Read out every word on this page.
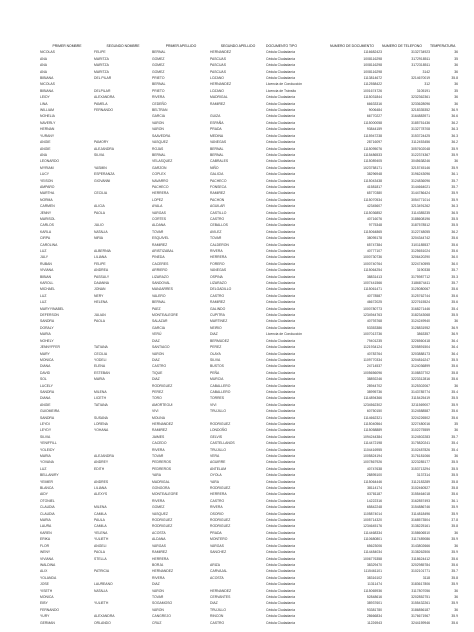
PRIMER NOMBRE	SEGUNDO NOMBRE	PRIMER APELLIDO	SEGUNDO APELLIDO	DOCUMENTO TIPO	NUMERO DE DOCUMENTO	NUMERO DE TELEFONO	TEMPERATURA
NICOLAS	FELIPE	BERNAL	HERNANDEZ	Cédula Ciudadanía	1116682423	3132734923	36
ANA	MARITZA	GOMEZ	PASCUAS	Cédula Ciudadanía	1008116298	3172918511	35
ANA	MARITZA	GOMEZ	PASCUAS	Cédula Ciudadanía	1008116298	3172318511	36
ANA	MARITZA	GOMEZ	PASCUAS	Cédula Ciudadanía	1008116298	3142	36
BIBIANA	DEL PILAR	PRIETO	LOZANO	Cédula Ciudadanía	1113814672	3214670019	35.8
NICOLAS		BERNAL	HERNANDEZ	Licencia de Conducción	1112558422	312	36
BIBIANA	DELPILAR	PRIETO	LOZANO	Licencia de Tránsito	1001674726	3105191	35
LEIDY	ALEXANDRA	RIVERA	MADRIGAL	Cédula Ciudadanía	1115031844	3232362361	36
LINA	PAMELA	CEDEÑO	RAMIREZ	Cédula Ciudadanía	66633316	3233628096	36
WILLIAM	FERNANDO	BELTRAN		Cédula Ciudadanía	9006484	3218335352	36.9
NOHELIA		GARCIA	GUIZA	Cédula Ciudadanía	66770227	3164883971	36.6
NAVERLY		VARON	ESPAÑA	Cédula Ciudadanía	1115000058	3185751436	36.2
HERNAN		VARON	PRADA	Cédula Ciudadanía	93844159	3132778708	36.3
YURANY		SAAVEDRA	MEDINA	Cédula Ciudadanía	1115947238	3153724425	36.3
ANGIE	PAMORY	VASQUEZ	VANEGAS	Cédula Ciudadanía	28716097	3112453456	36.2
ANGIE	ALEJANDRA	ROJAS	BERNAL	Cédula Ciudadanía	1115095076	3057602048	35.9
ANA	SILVIA	BERNAL	BERNAL	Cédula Ciudadanía	1115486533	3122374367	35.9
LEONARDO		VELASQUEZ	CABRALES	Cédula Ciudadanía	1115089405	3045638246	36
MYRIAM	YASMIN	GARZON	NIÑO	Cédula Ciudadanía	1023758171	3215745146	35.9
LUCY	ESPERANZA	COPLEX	GALICIA	Cédula Ciudadanía	38296948	3196243096	36.1
YEISON	GIOVANNI	NAVARRO	PACHECO	Cédula Ciudadanía	1115043438	3124836096	35.7
AMPARO		PACHECO	FONSECA	Cédula Ciudadanía	41581817	3144664021	35.7
MARTHA	CECILIA	HERRERA	RAMIREZ	Cédula Ciudadanía	65770380	3144786424	35.9
NORMA		LOPEZ	PACHON	Cédula Ciudadanía	1115070534	3054771014	35.9
CARMEN	ALICIA	AYALA	AGUILAR	Cédula Ciudadanía	42345607	3213491262	36.3
JENNY	PAOLA	VARGAS	CASTILLO	Cédula Ciudadanía	1115036852	3114385235	36.5
MARISOL		CORTES	CASTRO	Cédula Ciudadanía	40716076	3188608196	35.5
CARLOS	JULIO	ALDANA	CEBALLOS	Cédula Ciudadanía	9775348	3187578512	35.5
KARLA	NATALIA	TOVAR	AVILEZ	Cédula Ciudadanía	1115064865	3122748055	36.2
CIRPA	NIRIA	ESQUIVEL	TOVAR	Cédula Ciudadanía	38095178	3204344742	35.6
CAROLINA		RAMIREZ	CALDERON	Cédula Ciudadanía	65747384	3101185537	35.6
LUZ	ALBERNIA	ARISTIZABAL	RIVERA	Cédula Ciudadanía	40777107	3125651024	35.6
JULY	LILIANA	PINEDA	HERRERA	Cédula Ciudadanía	1000730736	3206420290	36.0
RUBAN	FELIPE	CACERES	FORERO	Cédula Ciudadanía	1000740764	3224740595	36.0
VIVIANA	ANDREA	ARRIERO	VANEGAS	Cédula Ciudadanía	1115064254	3190338	35.7
BIBIAN	PASSULY	LIZARAZO	OSPINA	Cédula Ciudadanía	38831413	3175987712	35.3
KAROLL	DAIANNA	SANDOVAL	LIZARAZO	Cédula Ciudadanía	1007441566	3186874411	35.7
MICHAEL	JONAN	MANJARRES	DELGADILLO	Cédula Ciudadanía	1115061471	3125080067	35.6
LUZ	NERY	VALERO	CASTRO	Cédula Ciudadanía	40778587	3125762744	35.6
LUZ	HELENA	BERNAL	RAMIREZ	Cédula Ciudadanía	46672025	3227615524	35.6
MARYYINABEL		PAEZ	GALINDO	Cédula Ciudadanía	1000780773	3168271446	35.4
DEFERSON	JULIAN	MONTEALEGRE	CUPITRA	Cédula Ciudadanía	1234944763	3182343068	35.5
SANDRA	PAOLA	SALAZAR	MARTINEZ	Cédula Ciudadanía	40793768	3124249940	36
DORALY		GARCIA	NEIRIO	Cédula Ciudadanía	53353386	3128831952	36.9
MARIA		VERÚ	DIAZ	Licencia de Conducción	1007013736	3863357	36.9
NOHELY		DIAZ	BERMUDEZ	Cédula Ciudadanía	79401235	3226560418	36.4
JENNYFFER	TATIANA	SANTIAGO	PEREZ	Cédula Ciudadanía	1121934124	3205891504	36.4
MARY	CECILIA	VARON	OLAYA	Cédula Ciudadanía	40783764	3203888173	36.4
MONICA	YODELI	DIAZ	SILVIA	Cédula Ciudadanía	1109770334	3204816247	35.5
DIANA	ELENA	CASTRO	BUSTOS	Cédula Ciudadanía	24714537	3124036899	35.6
DAVID	ESTEBAN	TIQUE	PEÑA	Cédula Ciudadanía	1005656096	3108837702	35.8
SOL	MARIA	DIAZ	MURCIA	Cédula Ciudadanía	38892246	3223312816	35.6
LUCELY		RODRIGUEZ	CABALLERO	Cédula Ciudadanía	28944702	3125302067	36
SANDRA	MILENA	PEREZ	CABALLERO	Cédula Ciudadanía	38995736	3143785774	35.4
DIANA	LICETH	TORO	TORRES	Cédula Ciudadanía	1114894366	3115425419	35.5
ANGIE	TATIANA	AMORTEGUI	VIVI	Cédula Ciudadanía	1234562302	3211569007	35.9
GUIOMEIRA		VIVI	TRUJILLO	Cédula Ciudadanía	60750150	3124588587	35.6
SANDRA	SUSANA	MOLINA		Cédula Ciudadanía	1114662321	3224226502	35.6
LEYDI	LORENA	HERNANDEZ	RODRIGUEZ	Cédula Ciudadanía	1115040564	3227480016	35
LEYDY	YOHANA	RAMIREZ	LONDOÑO	Cédula Ciudadanía	1115058889	3102275559	36
SILVIA		JAIMES	GELVIS	Cédula Ciudadanía	1094244384	3124502283	35.7
YENIFFILL		CACEDO	CASTELLANOS	Cédula Ciudadanía	1114472198	3175820241	35.4
YOLEIDY		RIVERA	TRUJILLO	Cédula Ciudadanía	1104416955	3102487826	35.4
MARIA	ALEJANDRA	TOVAR	VERA	Cédula Ciudadanía	1005824194	3176181066	36
YOVANA	ANDREY	PEDREROS	AGUIRRE	Cédula Ciudadanía	1007867926	3223285177	35.5
LUZ	EDITH	PEDREROS	ANTELAM	Cédula Ciudadanía	40747638	3153713294	35.5
BELLANIRY		YARA	OYOLA	Cédula Ciudadanía	28895100	3137314	35.5
YEIMER	ANDRES	MADRIGAL	YARA	Cédula Ciudadanía	1115064446	3112183289	35.8
BLANCA	LILIANA	GONGORA	RODRIGUEZ	Cédula Ciudadanía	38114174	3102460527	35.8
AIDY	ALEXYS	MONTEALEGRE	HERRERA	Cédula Ciudadanía	63781187	3155464018	35.6
OTONIEL		RIVERA	CASTRO	Cédula Ciudadanía	14222316	3162857493	36.1
CLAUDIA	MILENA	GOMEZ	RIVERA	Cédula Ciudadanía	65842248	3154886746	35.9
CLAUDIA	CAMILA	VASQUEZ	OSORIO	Cédula Ciudadanía	1105874014	3114818496	35.9
MARIA	PAULA	RODRIGUEZ	RODRIGUEZ	Cédula Ciudadanía	1005714320	3168573504	37.8
LAURA	CAMILA	RODRIGUEZ	RODRIGUEZ	Cédula Ciudadanía	1234645176	3138225161	35.8
KAREN	YELENA	ACOSTA	PRADA	Cédula Ciudadanía	1114468334	3158606510	36
ERIKA	YULIETH	ALDANA	MONTERO	Cédula Ciudadanía	1110680801	3117489086	35.9
FLOR	ANGELI	VARGAS	VARGAS	Cédula Ciudadanía	65623006	3143802666	36
WENY	PAOLA	RAMIREZ	SANCHEZ	Cédula Ciudadanía	1114484034	3138262506	35.9
VIVIANA	STELLA	HERRERA		Cédula Ciudadanía	1006776358	3118624412	35.6
WALDINA		BORJA	ARIZA	Cédula Ciudadanía	38329470	3202985784	35.6
ALIX	PATRICIA	HERNANDEZ	CARVAJAL	Cédula Ciudadanía	1115461101	3102101771	35.7
YOLANDA		RIVERA	ACOSTA	Cédula Ciudadanía	38316102	3118	35.8
JOSE	LAUREANO	DIAZ		Cédula Ciudadanía	11311474	3183617806	35.9
YISETH	NATALIA	VARON	HERNANDEZ	Cédula Ciudadanía	1115065936	3117807056	36
MONICA		TOVAR	CERVANTES	Cédula Ciudadanía	52848616	3202852751	36
EIBY	YULIETH	SOGAMOSO	DIAZ	Cédula Ciudadanía	38937601	3155432261	35.9
FERNANDO		VARON	TRUJILLO	Cédula Ciudadanía	93381780	3186856187	36
YURY	ALEXANDRA	CANGREJO	RINCON	Cédula Ciudadanía	28666834	3176671967	35.9
GERMAN	ORLANDO	CRUZ	CASTRO	Cédula Ciudadanía	11226943	3244159946	35.6
